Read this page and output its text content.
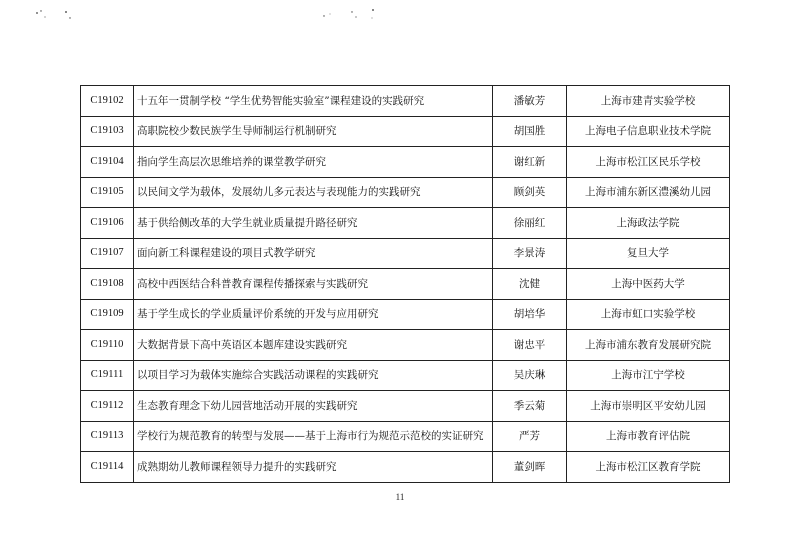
C19102	十五年一贯制学校 “学生优势智能实验室”课程建设的实践研究	潘敏芳	上海市建青实验学校
C19103	高职院校少数民族学生导师制运行机制研究	胡国胜	上海电子信息职业技术学院
C19104	指向学生高层次思维培养的课堂教学研究	谢红新	上海市松江区民乐学校
C19105	以民间文学为载体，发展幼儿多元表达与表现能力的实践研究	顾剑英	上海市浦东新区澧溪幼儿园
C19106	基于供给侧改革的大学生就业质量提升路径研究	徐丽红	上海政法学院
C19107	面向新工科课程建设的项目式教学研究	李景涛	复旦大学
C19108	高校中西医结合科普教育课程传播探索与实践研究	沈健	上海中医药大学
C19109	基于学生成长的学业质量评价系统的开发与应用研究	胡培华	上海市虹口实验学校
C19110	大数据背景下高中英语区本题库建设实践研究	谢忠平	上海市浦东教育发展研究院
C19111	以项目学习为载体实施综合实践活动课程的实践研究	吴庆琳	上海市江宁学校
C19112	生态教育理念下幼儿园营地活动开展的实践研究	季云菊	上海市崇明区平安幼儿园
C19113	学校行为规范教育的转型与发展——基于上海市行为规范示范校的实证研究	严芳	上海市教育评估院
C19114	成熟期幼儿教师课程领导力提升的实践研究	董剑晖	上海市松江区教育学院
11
